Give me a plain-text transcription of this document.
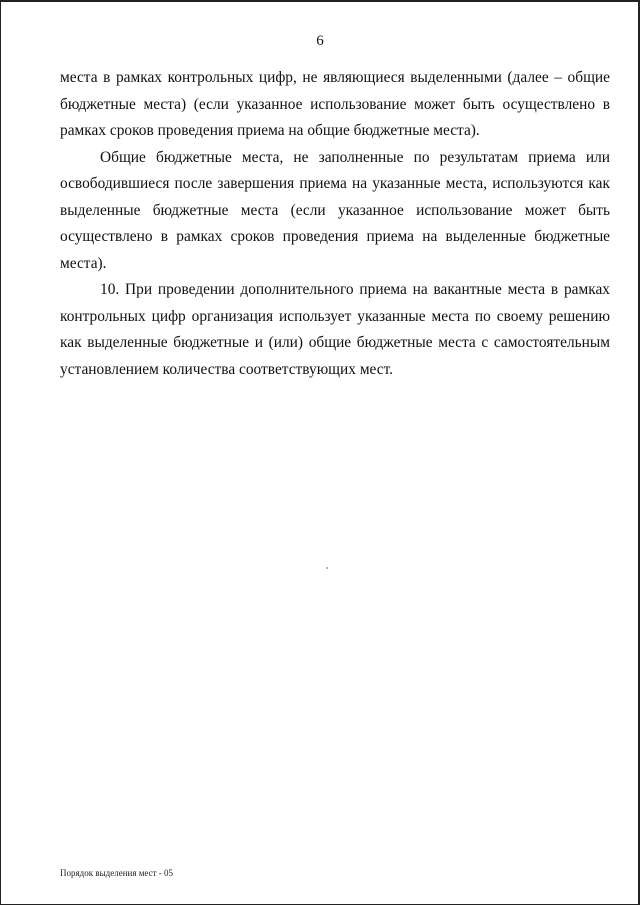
6

места в рамках контрольных цифр, не являющиеся выделенными (далее – общие бюджетные места) (если указанное использование может быть осуществлено в рамках сроков проведения приема на общие бюджетные места).

Общие бюджетные места, не заполненные по результатам приема или освободившиеся после завершения приема на указанные места, используются как выделенные бюджетные места (если указанное использование может быть осуществлено в рамках сроков проведения приема на выделенные бюджетные места).

10. При проведении дополнительного приема на вакантные места в рамках контрольных цифр организация использует указанные места по своему решению как выделенные бюджетные и (или) общие бюджетные места с самостоятельным установлением количества соответствующих мест.

Порядок выделения мест - 05
